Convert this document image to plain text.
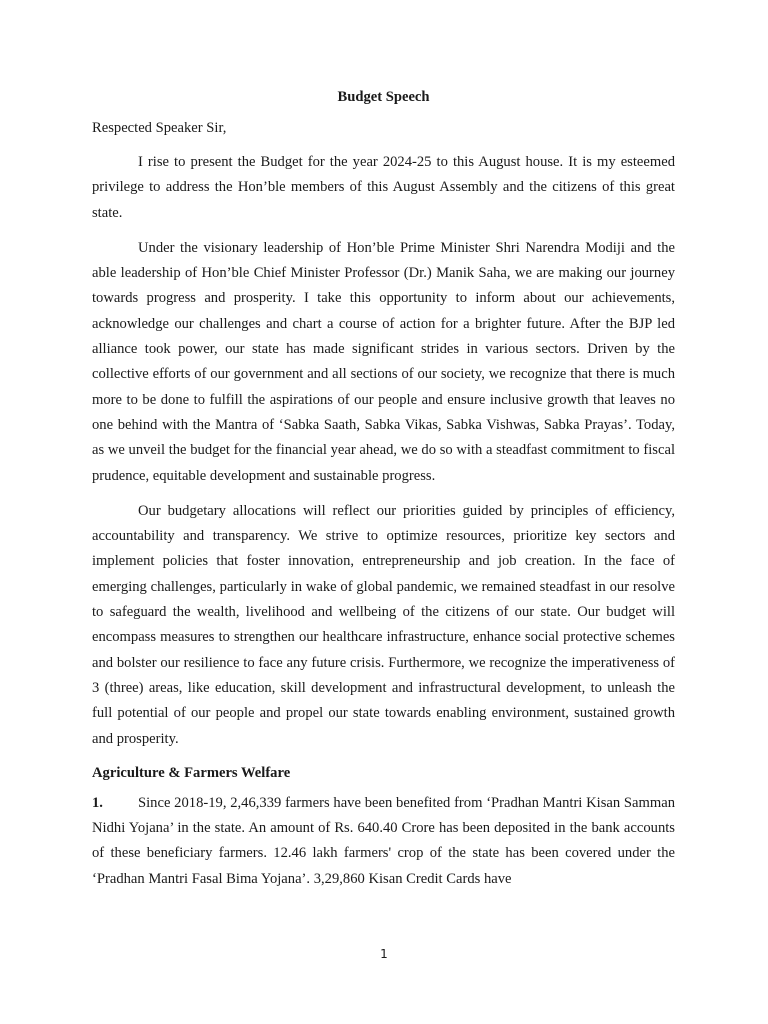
Budget Speech

Respected Speaker Sir,

I rise to present the Budget for the year 2024-25 to this August house. It is my esteemed privilege to address the Hon’ble members of this August Assembly and the citizens of this great state.

Under the visionary leadership of Hon’ble Prime Minister Shri Narendra Modiji and the able leadership of Hon’ble Chief Minister Professor (Dr.) Manik Saha, we are making our journey towards progress and prosperity. I take this opportunity to inform about our achievements, acknowledge our challenges and chart a course of action for a brighter future. After the BJP led alliance took power, our state has made significant strides in various sectors. Driven by the collective efforts of our government and all sections of our society, we recognize that there is much more to be done to fulfill the aspirations of our people and ensure inclusive growth that leaves no one behind with the Mantra of ‘Sabka Saath, Sabka Vikas, Sabka Vishwas, Sabka Prayas’. Today, as we unveil the budget for the financial year ahead, we do so with a steadfast commitment to fiscal prudence, equitable development and sustainable progress.

Our budgetary allocations will reflect our priorities guided by principles of efficiency, accountability and transparency. We strive to optimize resources, prioritize key sectors and implement policies that foster innovation, entrepreneurship and job creation. In the face of emerging challenges, particularly in wake of global pandemic, we remained steadfast in our resolve to safeguard the wealth, livelihood and wellbeing of the citizens of our state. Our budget will encompass measures to strengthen our healthcare infrastructure, enhance social protective schemes and bolster our resilience to face any future crisis. Furthermore, we recognize the imperativeness of 3 (three) areas, like education, skill development and infrastructural development, to unleash the full potential of our people and propel our state towards enabling environment, sustained growth and prosperity.

Agriculture & Farmers Welfare

1. Since 2018-19, 2,46,339 farmers have been benefited from ‘Pradhan Mantri Kisan Samman Nidhi Yojana’ in the state. An amount of Rs. 640.40 Crore has been deposited in the bank accounts of these beneficiary farmers. 12.46 lakh farmers' crop of the state has been covered under the ‘Pradhan Mantri Fasal Bima Yojana’. 3,29,860 Kisan Credit Cards have

1
